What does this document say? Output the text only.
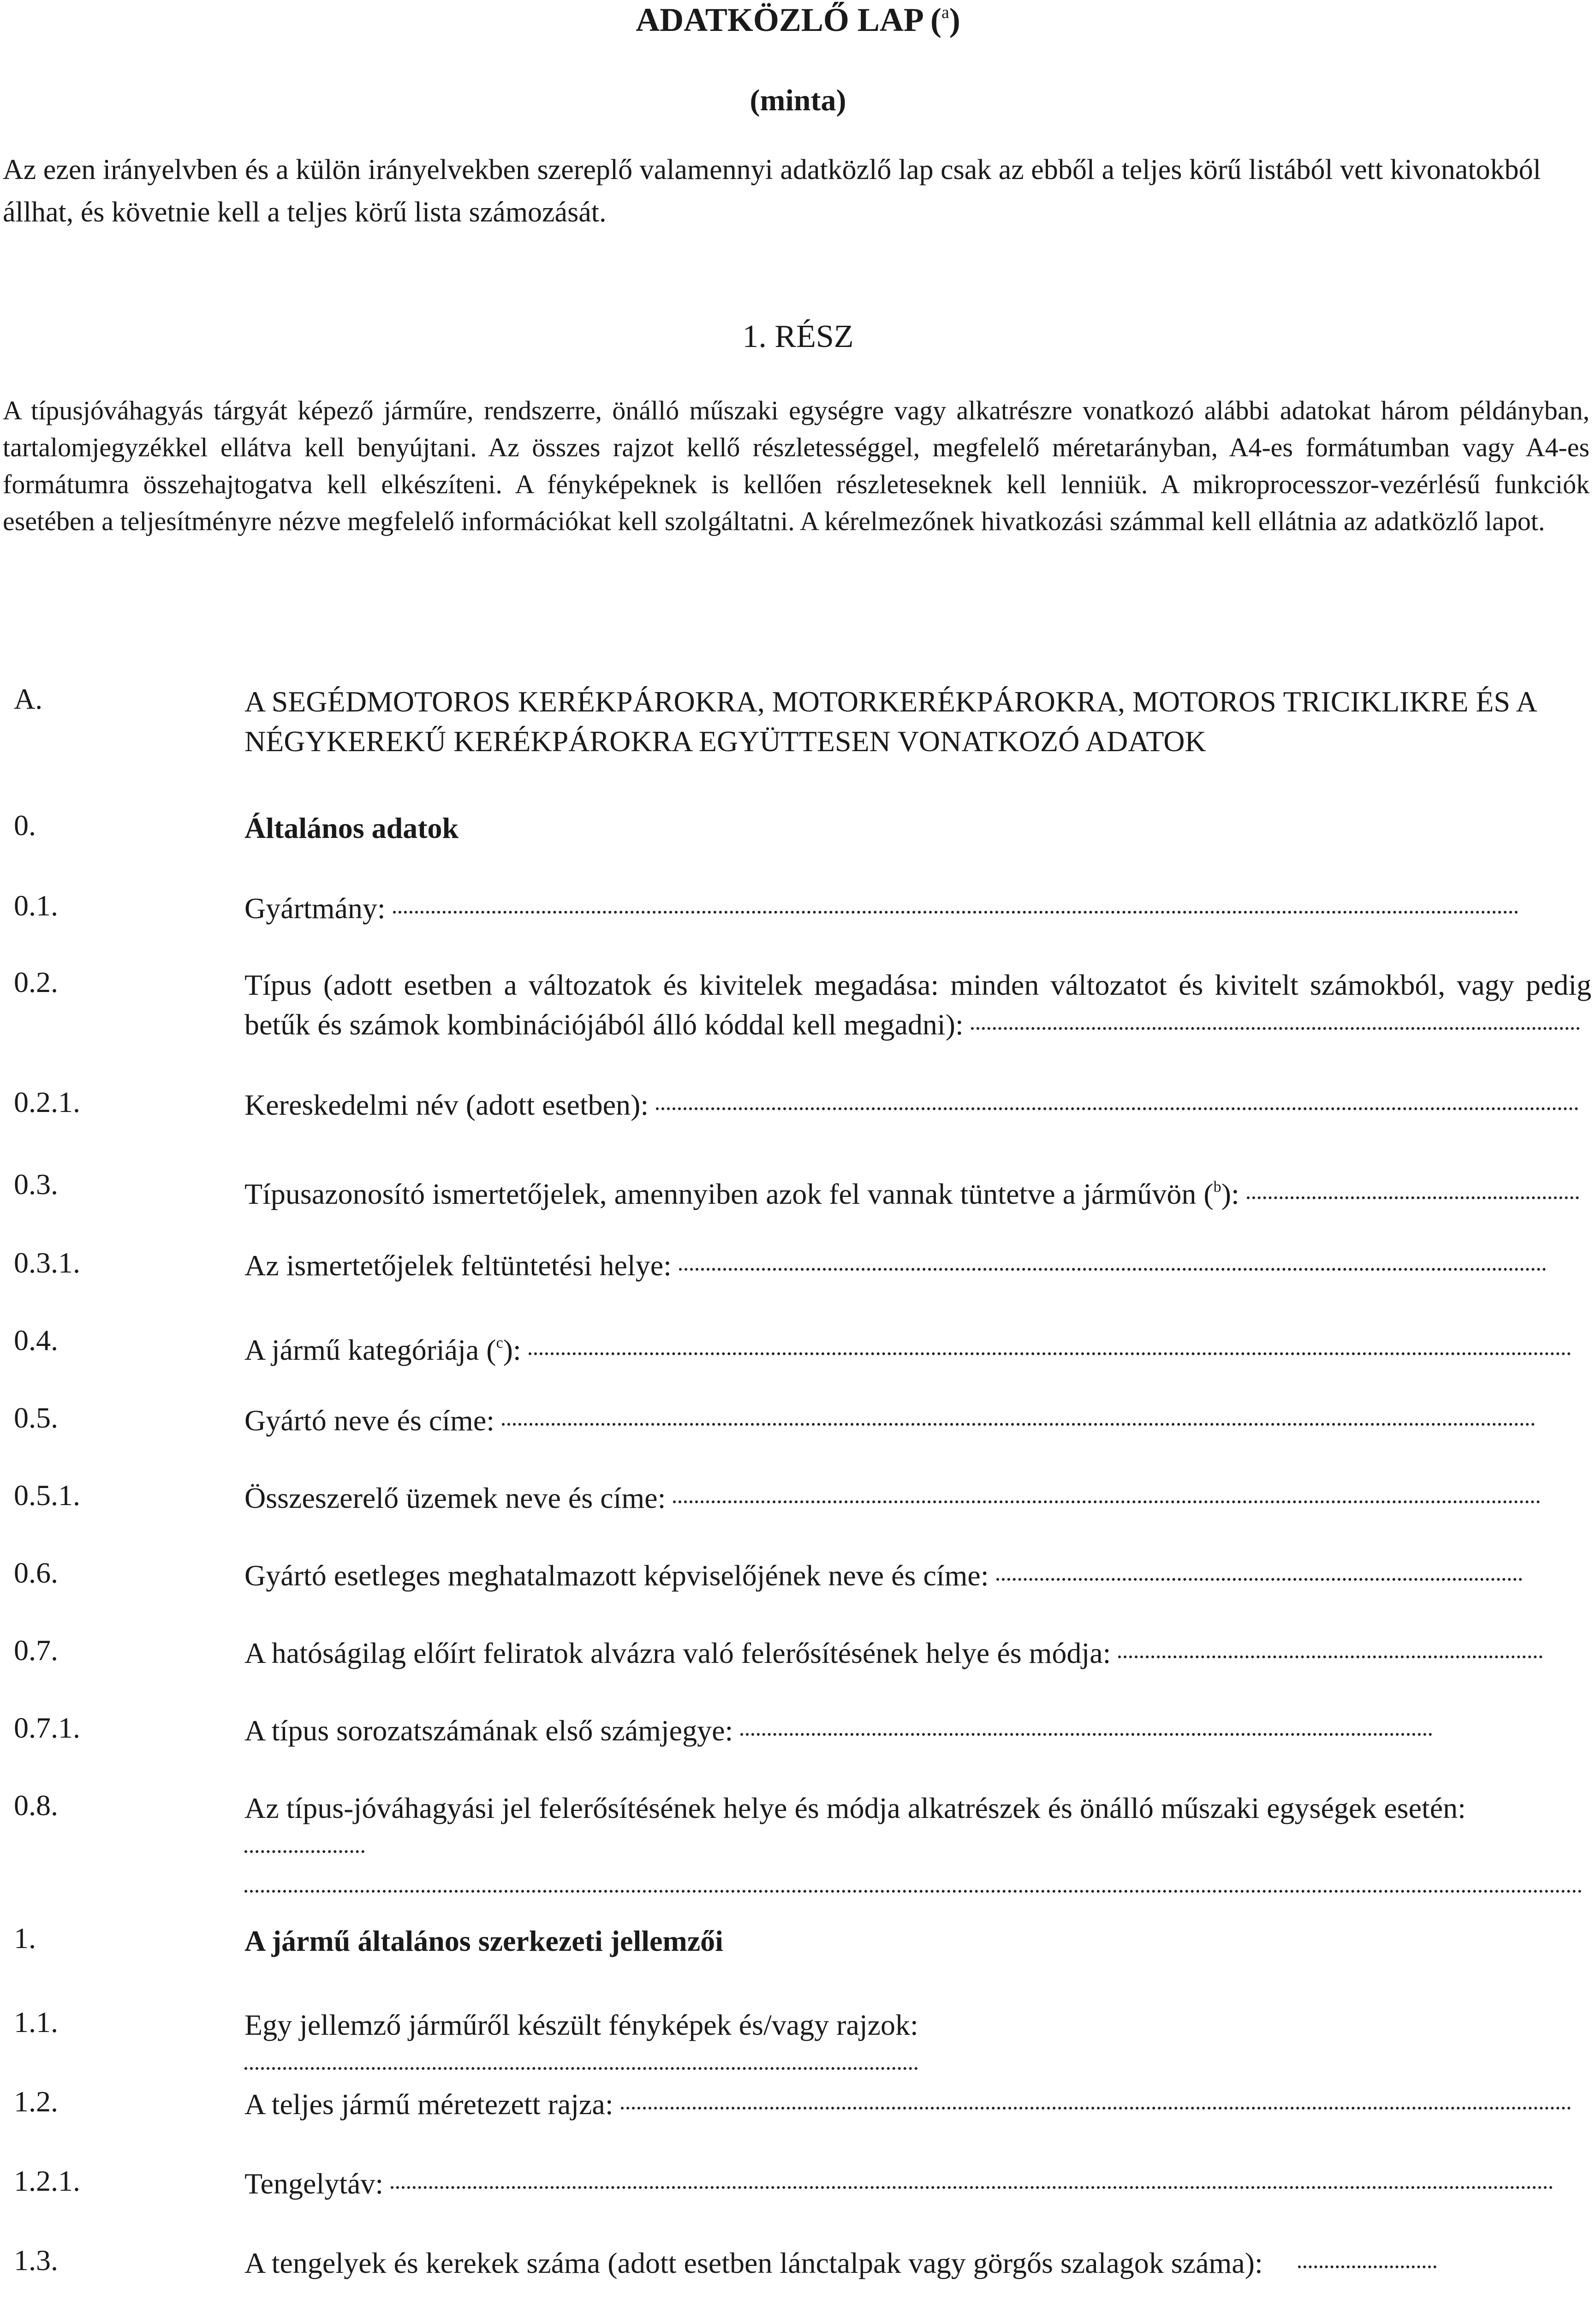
ADATKÖZLŐ LAP ($^a$)
(minta)
Az ezen irányelvben és a külön irányelvekben szereplő valamennyi adatközlő lap csak az ebből a teljes körű listából vett kivonatokból állhat, és követnie kell a teljes körű lista számozását.
1. RÉSZ
A típusjóváhagyás tárgyát képező járműre, rendszerre, önálló műszaki egységre vagy alkatrészre vonatkozó alábbi adatokat három példányban, tartalomjegyzékkel ellátva kell benyújtani. Az összes rajzot kellő részletességgel, megfelelő méretarányban, A4-es formátumban vagy A4-es formátumra összehajtogatva kell elkészíteni. A fényképeknek is kellően részleteseknek kell lenniük. A mikroprocesszor-vezérlésű funkciók esetében a teljesítményre nézve megfelelő információkat kell szolgáltatni. A kérelmezőnek hivatkozási számmal kell ellátnia az adatközlő lapot.
A.	A SEGÉDMOTOROS KERÉKPÁROKRA, MOTORKERÉKPÁROKRA, MOTOROS TRICIKLIKRE ÉS A NÉGYKEREKŰ KERÉKPÁROKRA EGYÜTTESEN VONATKOZÓ ADATOK
0.	Általános adatok
0.1.	Gyártmány:
0.2.	Típus (adott esetben a változatok és kivitelek megadása: minden változatot és kivitelt számokból, vagy pedig betűk és számok kombinációjából álló kóddal kell megadni):
0.2.1.	Kereskedelmi név (adott esetben):
0.3.	Típusazonosító ismertetőjelek, amennyiben azok fel vannak tüntetve a járművön ($^b$):
0.3.1.	Az ismertetőjelek feltüntetési helye:
0.4.	A jármű kategóriája ($^c$):
0.5.	Gyártó neve és címe:
0.5.1.	Összeszerelő üzemek neve és címe:
0.6.	Gyártó esetleges meghatalmazott képviselőjének neve és címe:
0.7.	A hatóságilag előírt feliratok alvázra való felerősítésének helye és módja:
0.7.1.	A típus sorozatszámának első számjegye:
0.8.	Az típus-jóváhagyási jel felerősítésének helye és módja alkatrészek és önálló műszaki egységek esetén:

1.	A jármű általános szerkezeti jellemzői
1.1.	Egy jellemző járműről készült fényképek és/vagy rajzok:
1.2.	A teljes jármű méretezett rajza:
1.2.1.	Tengelytáv:
1.3.	A tengelyek és kerekek száma (adott esetben lánctalpak vagy görgős szalagok száma):
